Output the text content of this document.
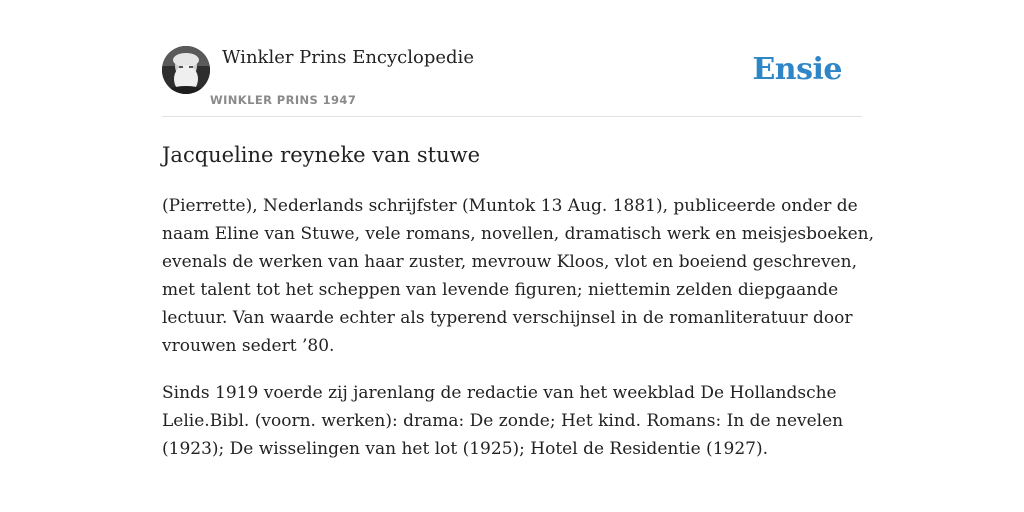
Winkler Prins Encyclopedie
WINKLER PRINS 1947
Ensie
Jacqueline reyneke van stuwe

(Pierrette), Nederlands schrijfster (Muntok 13 Aug. 1881), publiceerde onder de
naam Eline van Stuwe, vele romans, novellen, dramatisch werk en meisjesboeken,
evenals de werken van haar zuster, mevrouw Kloos, vlot en boeiend geschreven,
met talent tot het scheppen van levende figuren; niettemin zelden diepgaande
lectuur. Van waarde echter als typerend verschijnsel in de romanliteratuur door
vrouwen sedert ’80.

Sinds 1919 voerde zij jarenlang de redactie van het weekblad De Hollandsche
Lelie.Bibl. (voorn. werken): drama: De zonde; Het kind. Romans: In de nevelen
(1923); De wisselingen van het lot (1925); Hotel de Residentie (1927).
